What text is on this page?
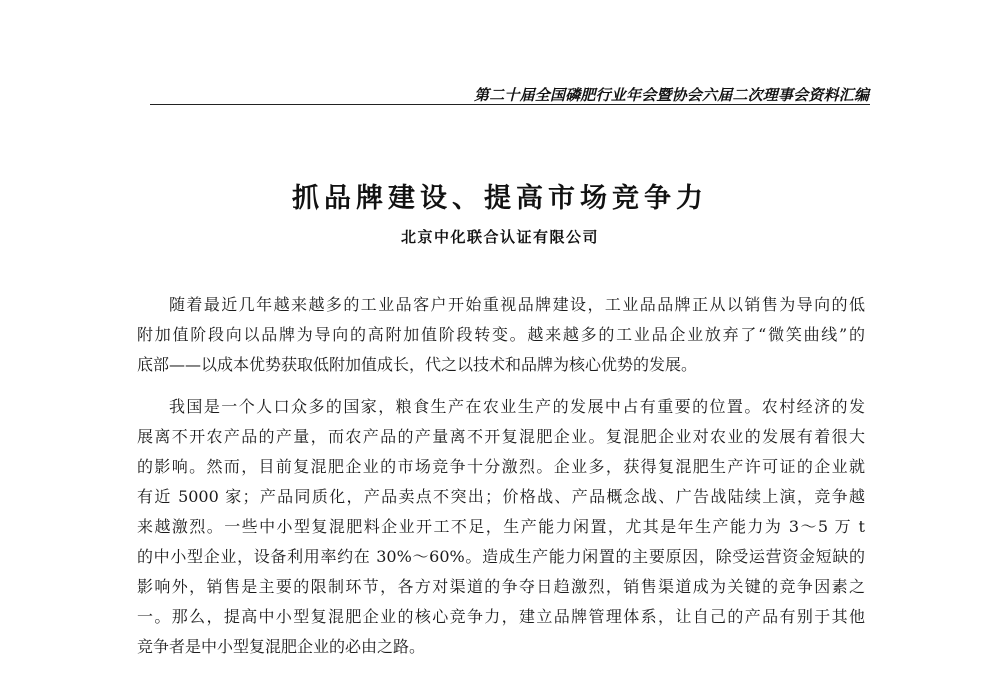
第二十届全国磷肥行业年会暨协会六届二次理事会资料汇编
抓品牌建设、提高市场竞争力
北京中化联合认证有限公司
随着最近几年越来越多的工业品客户开始重视品牌建设，工业品品牌正从以销售为导向的低
附加值阶段向以品牌为导向的高附加值阶段转变。越来越多的工业品企业放弃了“微笑曲线”的
底部——以成本优势获取低附加值成长，代之以技术和品牌为核心优势的发展。
我国是一个人口众多的国家，粮食生产在农业生产的发展中占有重要的位置。农村经济的发
展离不开农产品的产量，而农产品的产量离不开复混肥企业。复混肥企业对农业的发展有着很大
的影响。然而，目前复混肥企业的市场竞争十分激烈。企业多，获得复混肥生产许可证的企业就
有近 5000 家；产品同质化，产品卖点不突出；价格战、产品概念战、广告战陆续上演，竞争越
来越激烈。一些中小型复混肥料企业开工不足，生产能力闲置，尤其是年生产能力为 3～5 万 t
的中小型企业，设备利用率约在 30%～60%。造成生产能力闲置的主要原因，除受运营资金短缺的
影响外，销售是主要的限制环节，各方对渠道的争夺日趋激烈，销售渠道成为关键的竞争因素之
一。那么，提高中小型复混肥企业的核心竞争力，建立品牌管理体系，让自己的产品有别于其他
竞争者是中小型复混肥企业的必由之路。
